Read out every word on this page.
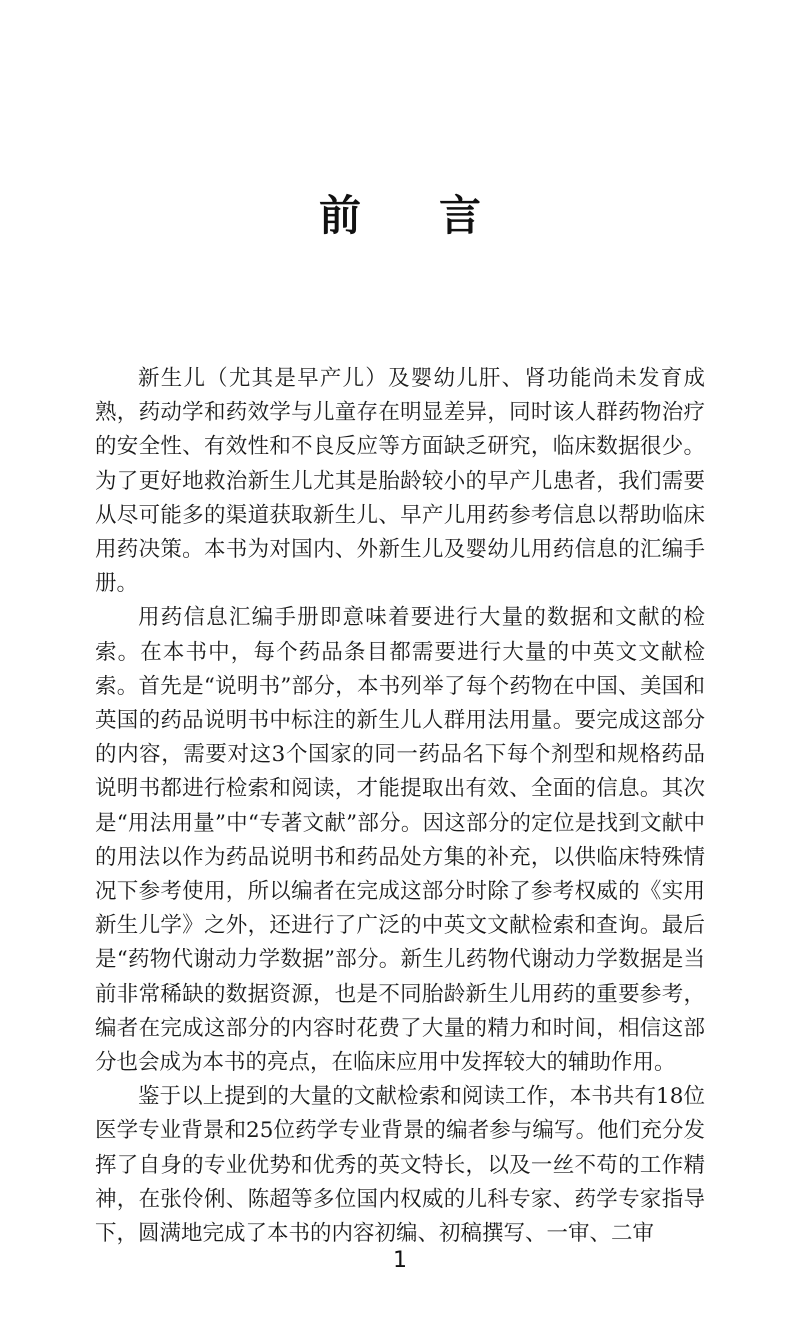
前言

新生儿（尤其是早产儿）及婴幼儿肝、肾功能尚未发育成熟，药动学和药效学与儿童存在明显差异，同时该人群药物治疗的安全性、有效性和不良反应等方面缺乏研究，临床数据很少。为了更好地救治新生儿尤其是胎龄较小的早产儿患者，我们需要从尽可能多的渠道获取新生儿、早产儿用药参考信息以帮助临床用药决策。本书为对国内、外新生儿及婴幼儿用药信息的汇编手册。

用药信息汇编手册即意味着要进行大量的数据和文献的检索。在本书中，每个药品条目都需要进行大量的中英文文献检索。首先是“说明书”部分，本书列举了每个药物在中国、美国和英国的药品说明书中标注的新生儿人群用法用量。要完成这部分的内容，需要对这3个国家的同一药品名下每个剂型和规格药品说明书都进行检索和阅读，才能提取出有效、全面的信息。其次是“用法用量”中“专著文献”部分。因这部分的定位是找到文献中的用法以作为药品说明书和药品处方集的补充，以供临床特殊情况下参考使用，所以编者在完成这部分时除了参考权威的《实用新生儿学》之外，还进行了广泛的中英文文献检索和查询。最后是“药物代谢动力学数据”部分。新生儿药物代谢动力学数据是当前非常稀缺的数据资源，也是不同胎龄新生儿用药的重要参考，编者在完成这部分的内容时花费了大量的精力和时间，相信这部分也会成为本书的亮点，在临床应用中发挥较大的辅助作用。

鉴于以上提到的大量的文献检索和阅读工作，本书共有18位医学专业背景和25位药学专业背景的编者参与编写。他们充分发挥了自身的专业优势和优秀的英文特长，以及一丝不苟的工作精神，在张伶俐、陈超等多位国内权威的儿科专家、药学专家指导下，圆满地完成了本书的内容初编、初稿撰写、一审、二审

1
